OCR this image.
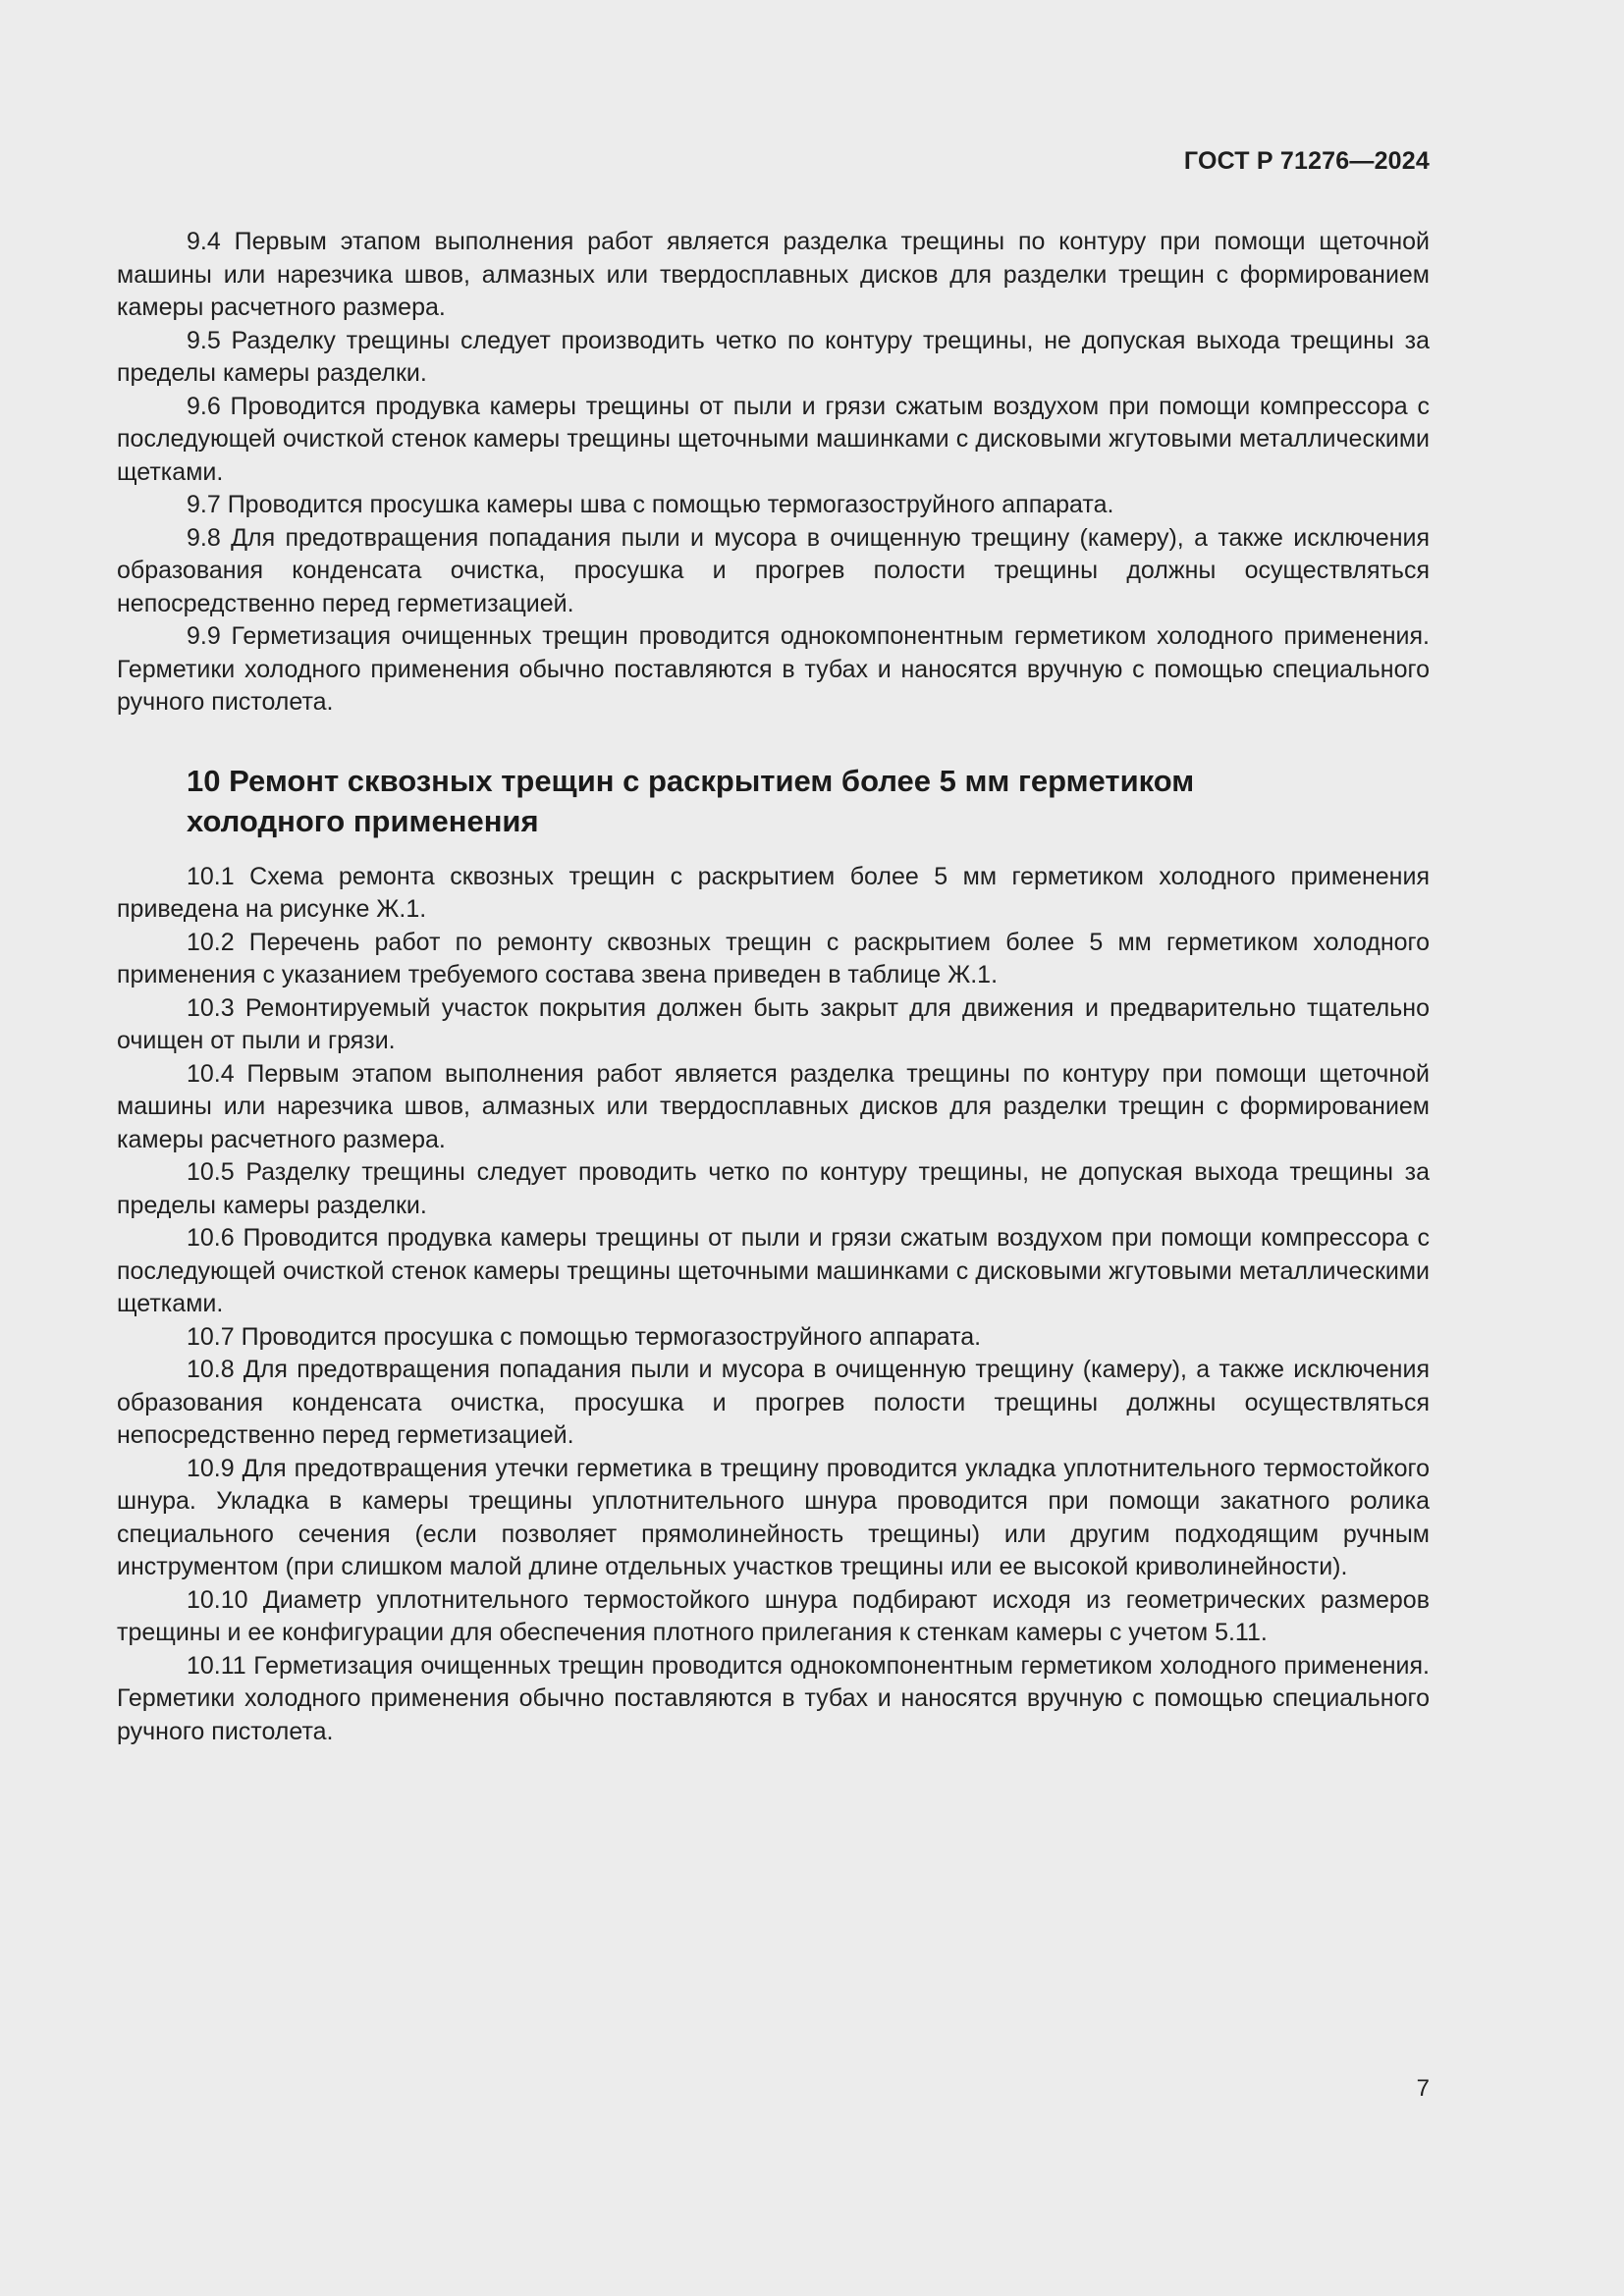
ГОСТ Р 71276—2024

9.4 Первым этапом выполнения работ является разделка трещины по контуру при помощи щеточной машины или нарезчика швов, алмазных или твердосплавных дисков для разделки трещин с формированием камеры расчетного размера.

9.5 Разделку трещины следует производить четко по контуру трещины, не допуская выхода трещины за пределы камеры разделки.

9.6 Проводится продувка камеры трещины от пыли и грязи сжатым воздухом при помощи компрессора с последующей очисткой стенок камеры трещины щеточными машинками с дисковыми жгутовыми металлическими щетками.

9.7 Проводится просушка камеры шва с помощью термогазоструйного аппарата.

9.8 Для предотвращения попадания пыли и мусора в очищенную трещину (камеру), а также исключения образования конденсата очистка, просушка и прогрев полости трещины должны осуществляться непосредственно перед герметизацией.

9.9 Герметизация очищенных трещин проводится однокомпонентным герметиком холодного применения. Герметики холодного применения обычно поставляются в тубах и наносятся вручную с помощью специального ручного пистолета.

10 Ремонт сквозных трещин с раскрытием более 5 мм герметиком
холодного применения

10.1 Схема ремонта сквозных трещин с раскрытием более 5 мм герметиком холодного применения приведена на рисунке Ж.1.

10.2 Перечень работ по ремонту сквозных трещин с раскрытием более 5 мм герметиком холодного применения с указанием требуемого состава звена приведен в таблице Ж.1.

10.3 Ремонтируемый участок покрытия должен быть закрыт для движения и предварительно тщательно очищен от пыли и грязи.

10.4 Первым этапом выполнения работ является разделка трещины по контуру при помощи щеточной машины или нарезчика швов, алмазных или твердосплавных дисков для разделки трещин с формированием камеры расчетного размера.

10.5 Разделку трещины следует проводить четко по контуру трещины, не допуская выхода трещины за пределы камеры разделки.

10.6 Проводится продувка камеры трещины от пыли и грязи сжатым воздухом при помощи компрессора с последующей очисткой стенок камеры трещины щеточными машинками с дисковыми жгутовыми металлическими щетками.

10.7 Проводится просушка с помощью термогазоструйного аппарата.

10.8 Для предотвращения попадания пыли и мусора в очищенную трещину (камеру), а также исключения образования конденсата очистка, просушка и прогрев полости трещины должны осуществляться непосредственно перед герметизацией.

10.9 Для предотвращения утечки герметика в трещину проводится укладка уплотнительного термостойкого шнура. Укладка в камеры трещины уплотнительного шнура проводится при помощи закатного ролика специального сечения (если позволяет прямолинейность трещины) или другим подходящим ручным инструментом (при слишком малой длине отдельных участков трещины или ее высокой криволинейности).

10.10 Диаметр уплотнительного термостойкого шнура подбирают исходя из геометрических размеров трещины и ее конфигурации для обеспечения плотного прилегания к стенкам камеры с учетом 5.11.

10.11 Герметизация очищенных трещин проводится однокомпонентным герметиком холодного применения. Герметики холодного применения обычно поставляются в тубах и наносятся вручную с помощью специального ручного пистолета.

7
